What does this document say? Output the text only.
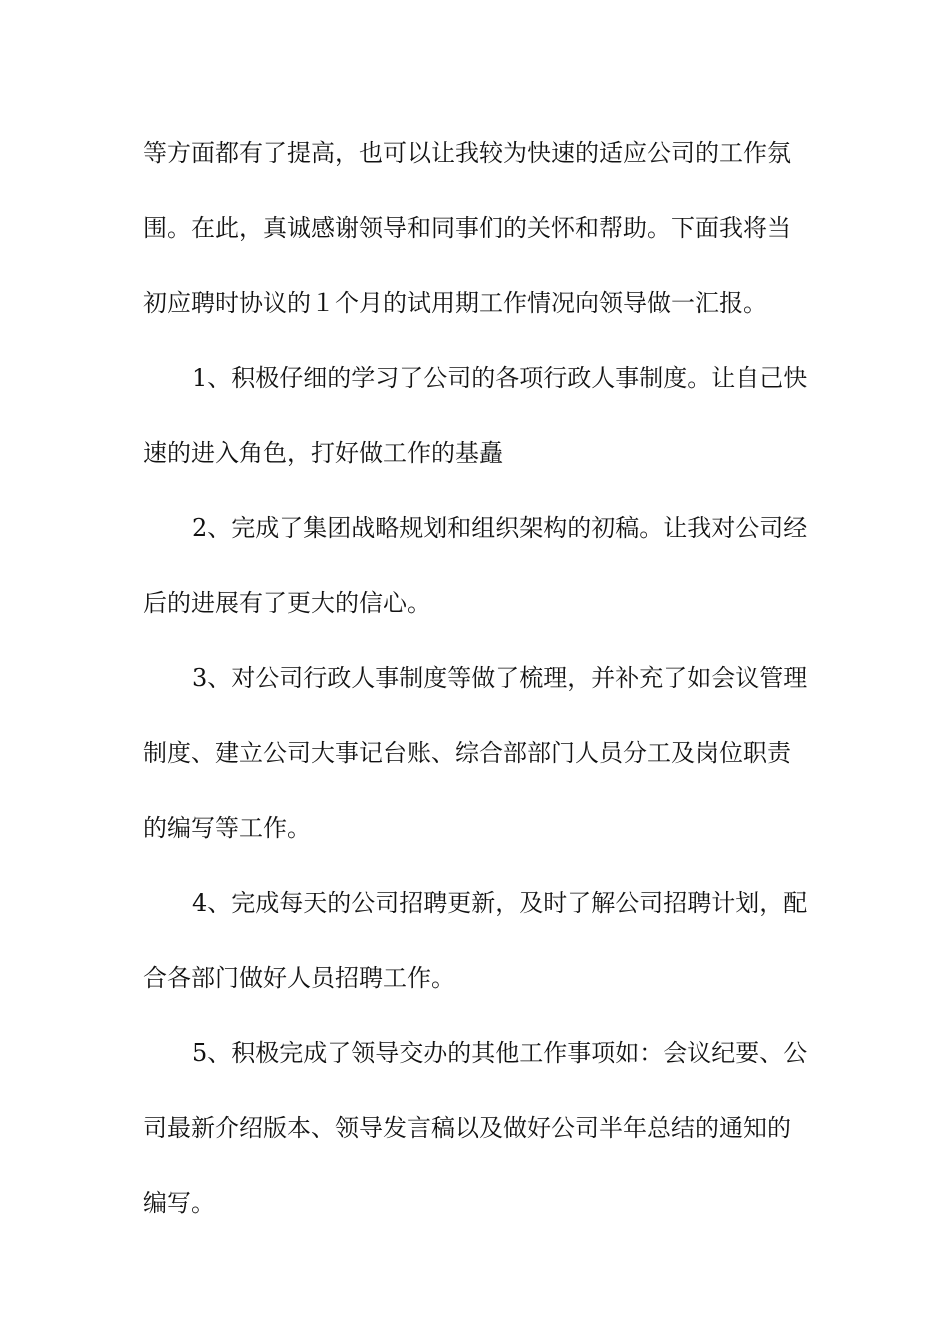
等方面都有了提高，也可以让我较为快速的适应公司的工作氛
围。在此，真诚感谢领导和同事们的关怀和帮助。下面我将当
初应聘时协议的１个月的试用期工作情况向领导做一汇报。
1、积极仔细的学习了公司的各项行政人事制度。让自己快
速的进入角色，打好做工作的基矗
2、完成了集团战略规划和组织架构的初稿。让我对公司经
后的进展有了更大的信心。
3、对公司行政人事制度等做了梳理，并补充了如会议管理
制度、建立公司大事记台账、综合部部门人员分工及岗位职责
的编写等工作。
4、完成每天的公司招聘更新，及时了解公司招聘计划，配
合各部门做好人员招聘工作。
5、积极完成了领导交办的其他工作事项如：会议纪要、公
司最新介绍版本、领导发言稿以及做好公司半年总结的通知的
编写。
